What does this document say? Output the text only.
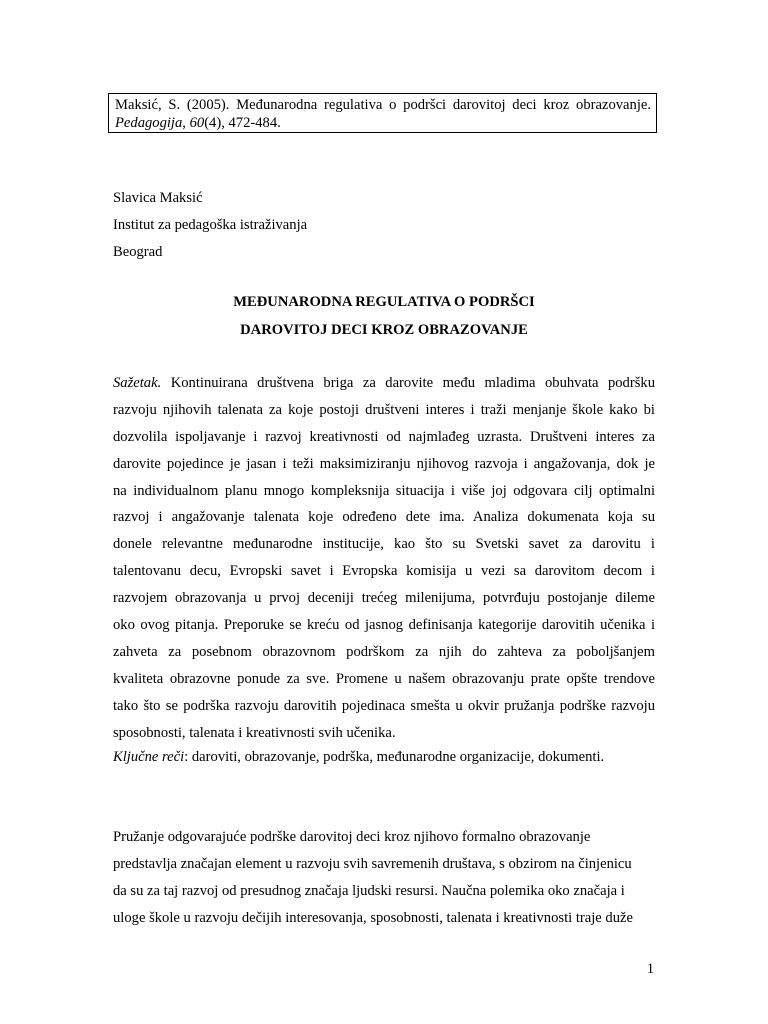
Maksić, S. (2005). Međunarodna regulativa o podršci darovitoj deci kroz obrazovanje.
Pedagogija, 60(4), 472-484.
Slavica Maksić
Institut za pedagoška istraživanja
Beograd
MEĐUNARODNA REGULATIVA O PODRŠCI
DAROVITOJ DECI KROZ OBRAZOVANJE
Sažetak. Kontinuirana društvena briga za darovite među mladima obuhvata podršku
razvoju njihovih talenata za koje postoji društveni interes i traži menjanje škole kako bi
dozvolila ispoljavanje i razvoj kreativnosti od najmlađeg uzrasta. Društveni interes za
darovite pojedince je jasan i teži maksimiziranju njihovog razvoja i angažovanja, dok je
na individualnom planu mnogo kompleksnija situacija i više joj odgovara cilj optimalni
razvoj i angažovanje talenata koje određeno dete ima. Analiza dokumenata koja su
donele relevantne međunarodne institucije, kao što su Svetski savet za darovitu i
talentovanu decu, Evropski savet i Evropska komisija u vezi sa darovitom decom i
razvojem obrazovanja u prvoj deceniji trećeg milenijuma, potvrđuju postojanje dileme
oko ovog pitanja. Preporuke se kreću od jasnog definisanja kategorije darovitih učenika i
zahveta za posebnom obrazovnom podrškom za njih do zahteva za poboljšanjem
kvaliteta obrazovne ponude za sve. Promene u našem obrazovanju prate opšte trendove
tako što se podrška razvoju darovitih pojedinaca smešta u okvir pružanja podrške razvoju
sposobnosti, talenata i kreativnosti svih učenika.
Ključne reči: daroviti, obrazovanje, podrška, međunarodne organizacije, dokumenti.
Pružanje odgovarajuće podrške darovitoj deci kroz njihovo formalno obrazovanje
predstavlja značajan element u razvoju svih savremenih društava, s obzirom na činjenicu
da su za taj razvoj od presudnog značaja ljudski resursi. Naučna polemika oko značaja i
uloge škole u razvoju dečijih interesovanja, sposobnosti, talenata i kreativnosti traje duže
1
